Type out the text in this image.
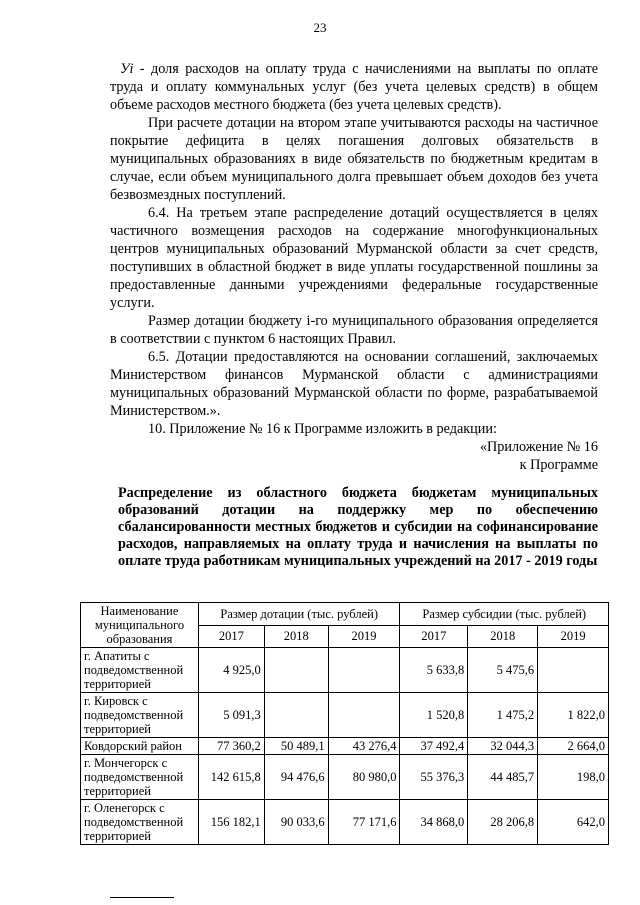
23

Уi - доля расходов на оплату труда с начислениями на выплаты по оплате труда и оплату коммунальных услуг (без учета целевых средств) в общем объеме расходов местного бюджета (без учета целевых средств).

При расчете дотации на втором этапе учитываются расходы на частичное покрытие дефицита в целях погашения долговых обязательств в муниципальных образованиях в виде обязательств по бюджетным кредитам в случае, если объем муниципального долга превышает объем доходов без учета безвозмездных поступлений.

6.4. На третьем этапе распределение дотаций осуществляется в целях частичного возмещения расходов на содержание многофункциональных центров муниципальных образований Мурманской области за счет средств, поступивших в областной бюджет в виде уплаты государственной пошлины за предоставленные данными учреждениями федеральные государственные услуги.

Размер дотации бюджету i-го муниципального образования определяется в соответствии с пунктом 6 настоящих Правил.

6.5. Дотации предоставляются на основании соглашений, заключаемых Министерством финансов Мурманской области с администрациями муниципальных образований Мурманской области по форме, разрабатываемой Министерством.».

10. Приложение № 16 к Программе изложить в редакции:

«Приложение № 16

к Программе

Распределение из областного бюджета бюджетам муниципальных образований дотации на поддержку мер по обеспечению сбалансированности местных бюджетов и субсидии на софинансирование расходов, направляемых на оплату труда и начисления на выплаты по оплате труда работникам муниципальных учреждений на 2017 - 2019 годы

Наименование муниципального образования	Размер дотации (тыс. рублей)			Размер субсидии (тыс. рублей)		
	2017	2018	2019	2017	2018	2019
г. Апатиты с подведомственной территорией	4 925,0			5 633,8	5 475,6	
г. Кировск с подведомственной территорией	5 091,3			1 520,8	1 475,2	1 822,0
Ковдорский район	77 360,2	50 489,1	43 276,4	37 492,4	32 044,3	2 664,0
г. Мончегорск с подведомственной территорией	142 615,8	94 476,6	80 980,0	55 376,3	44 485,7	198,0
г. Оленегорск с подведомственной территорией	156 182,1	90 033,6	77 171,6	34 868,0	28 206,8	642,0
